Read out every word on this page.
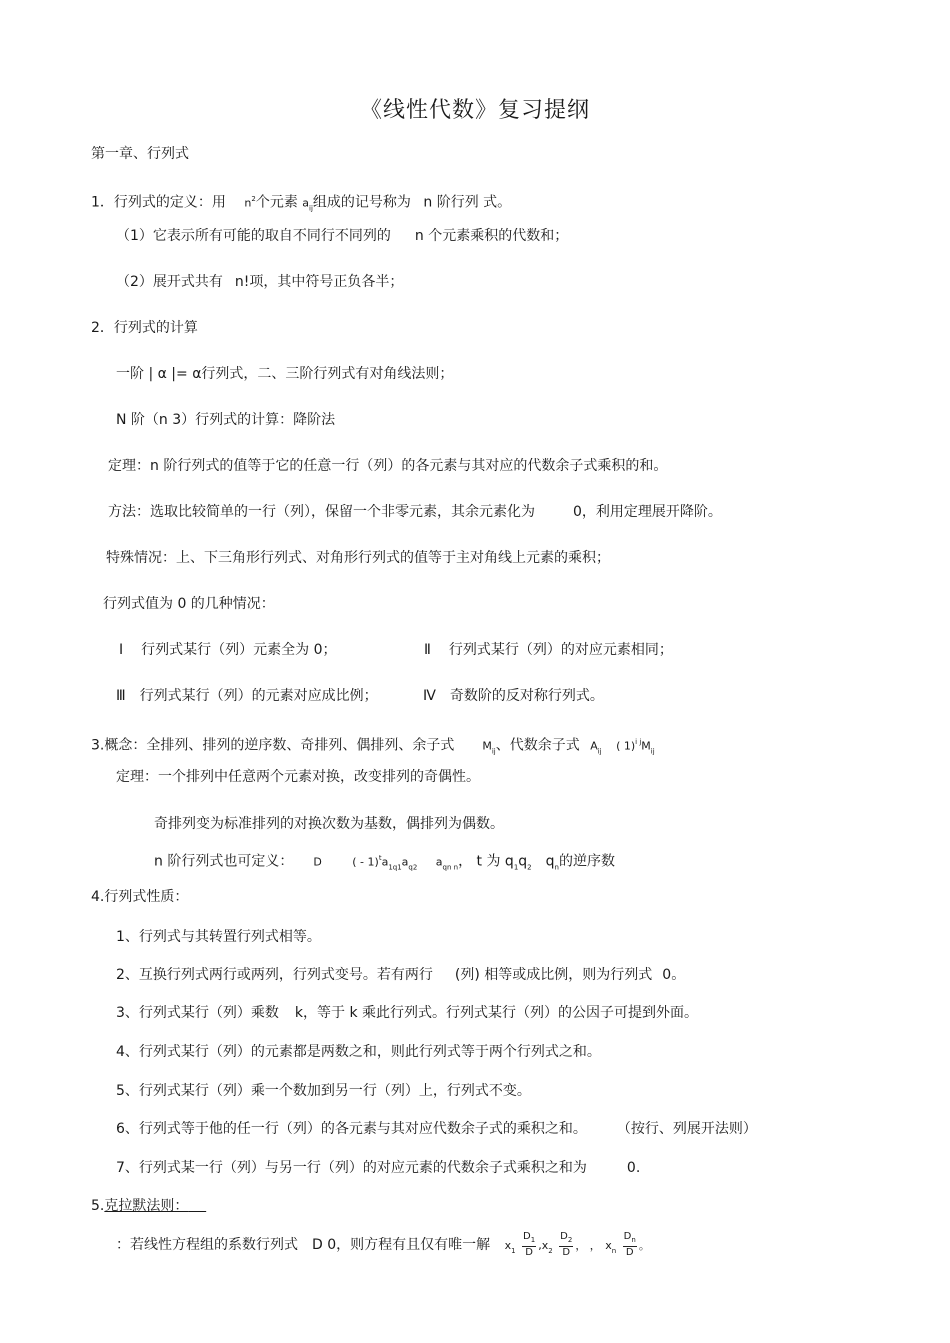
《线性代数》复习提纲
第一章、行列式
1．行列式的定义：用 $n^2$个元素 $a_{ij}$组成的记号称为 n 阶行列 式。
（1）它表示所有可能的取自不同行不同列的 n 个元素乘积的代数和；
（2）展开式共有 n!项，其中符号正负各半；
2．行列式的计算
一阶 | α |= α行列式，二、三阶行列式有对角线法则；
N 阶（n 3）行列式的计算：降阶法
定理：n 阶行列式的值等于它的任意一行（列）的各元素与其对应的代数余子式乘积的和。
方法：选取比较简单的一行（列），保留一个非零元素，其余元素化为	0，利用定理展开降阶。
特殊情况：上、下三角形行列式、对角形行列式的值等于主对角线上元素的乘积；
行列式值为 0 的几种情况：
Ⅰ 行列式某行（列）元素全为 0；	Ⅱ 行列式某行（列）的对应元素相同；
Ⅲ 行列式某行（列）的元素对应成比例；	Ⅳ 奇数阶的反对称行列式。
3.概念：全排列、排列的逆序数、奇排列、偶排列、余子式	$M_{ij}$、代数余子式 $A_{ij}$ ( $1)^{i j}M_{ij}$
定理：一个排列中任意两个元素对换，改变排列的奇偶性。
奇排列变为标准排列的对换次数为基数，偶排列为偶数。
n 阶行列式也可定义： D	( - $1)^ta_{1q1}a_{q2}$ $a_{qn n}$， t 为 $q_1q_2$ $q_n$的逆序数
4.行列式性质：
1、行列式与其转置行列式相等。
2、互换行列式两行或两列，行列式变号。若有两行 (列) 相等或成比例，则为行列式 0。
3、行列式某行（列）乘数 k，等于 k 乘此行列式。行列式某行（列）的公因子可提到外面。
4、行列式某行（列）的元素都是两数之和，则此行列式等于两个行列式之和。
5、行列式某行（列）乘一个数加到另一行（列）上，行列式不变。
6、行列式等于他的任一行（列）的各元素与其对应代数余子式的乘积之和。 （按行、列展开法则）
7、行列式某一行（列）与另一行（列）的对应元素的代数余子式乘积之和为	0.
5.克拉默法则：
：若线性方程组的系数行列式 D 0，则方程有且仅有唯一解 $x_1 \frac{D_1}{D} ,x_2 \frac{D_2}{D}$ ， ， $x_n \frac{D_n}{D}$ 。
